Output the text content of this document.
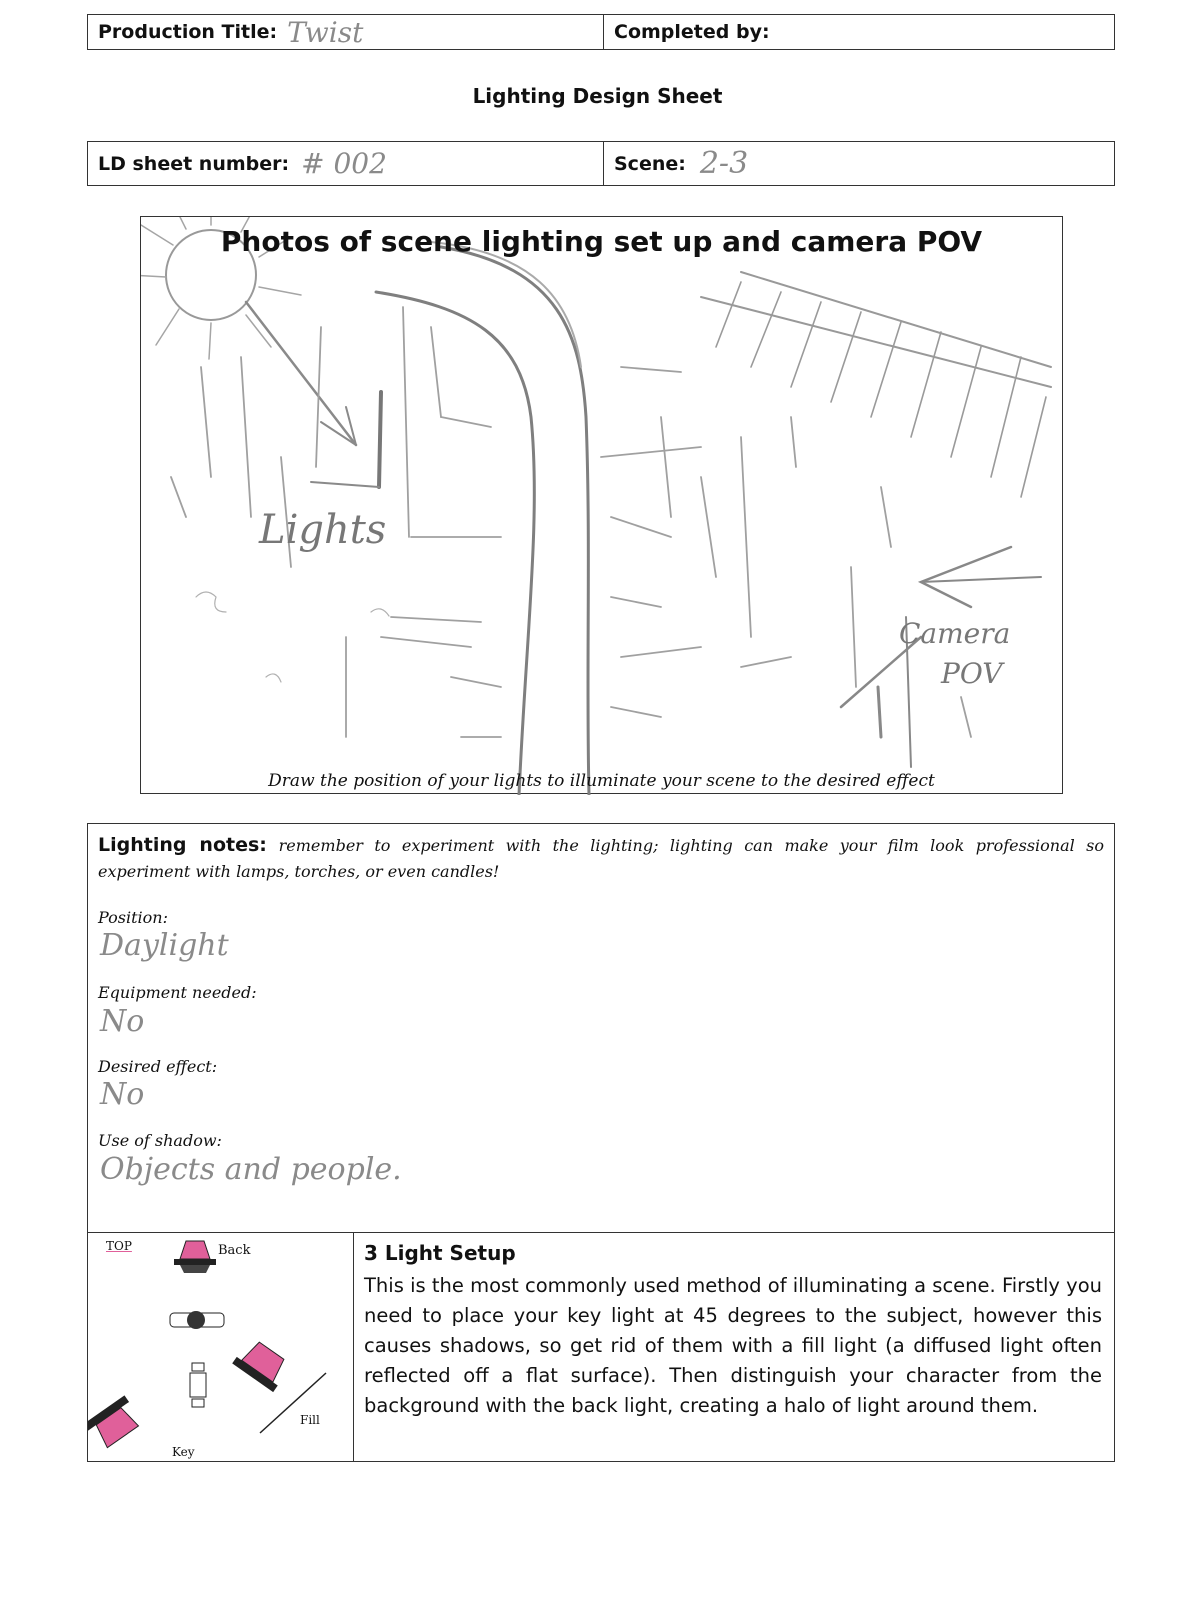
Production Title: Twist	Completed by:
Lighting Design Sheet
LD sheet number: # 002	Scene: 2-3
Photos of scene lighting set up and camera POV
Lights
Camera
POV
Draw the position of your lights to illuminate your scene to the desired effect
Lighting notes: remember to experiment with the lighting; lighting can make your film look professional so experiment with lamps, torches, or even candles!
Position:
Daylight
Equipment needed:
No
Desired effect:
No
Use of shadow:
Objects and people.
TOP	Back
Fill
Key
3 Light Setup
This is the most commonly used method of illuminating a scene. Firstly you need to place your key light at 45 degrees to the subject, however this causes shadows, so get rid of them with a fill light (a diffused light often reflected off a flat surface). Then distinguish your character from the background with the back light, creating a halo of light around them.
